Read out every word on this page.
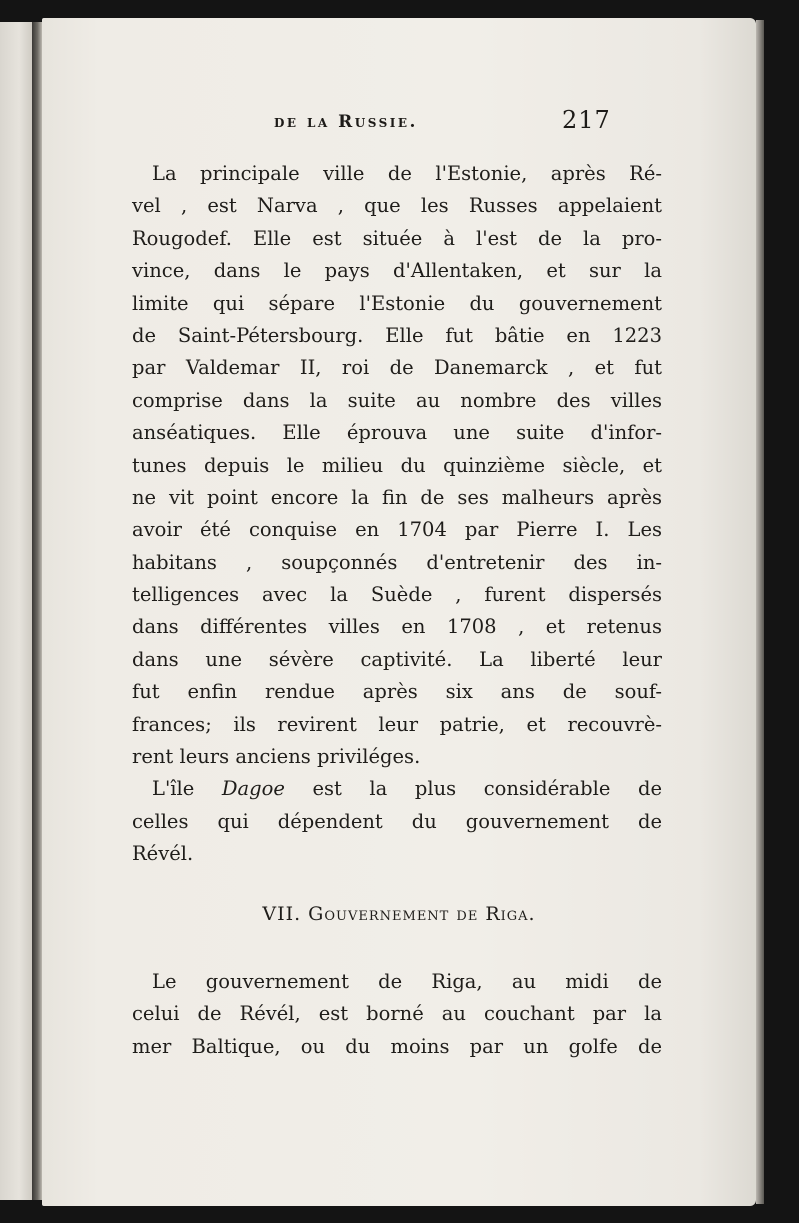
de la Russie.	217
La principale ville de l'Estonie, après Ré-
vel , est Narva , que les Russes appelaient
Rougodef. Elle est située à l'est de la pro-
vince, dans le pays d'Allentaken, et sur la
limite qui sépare l'Estonie du gouvernement
de Saint-Pétersbourg. Elle fut bâtie en 1223
par Valdemar II, roi de Danemarck , et fut
comprise dans la suite au nombre des villes
anséatiques. Elle éprouva une suite d'infor-
tunes depuis le milieu du quinzième siècle, et
ne vit point encore la fin de ses malheurs après
avoir été conquise en 1704 par Pierre I. Les
habitans , soupçonnés d'entretenir des in-
telligences avec la Suède , furent dispersés
dans différentes villes en 1708 , et retenus
dans une sévère captivité. La liberté leur
fut enfin rendue après six ans de souf-
frances; ils revirent leur patrie, et recouvrè-
rent leurs anciens priviléges.
L'île Dagoe est la plus considérable de
celles qui dépendent du gouvernement de
Révél.
VII. Gouvernement de Riga.
Le gouvernement de Riga, au midi de
celui de Révél, est borné au couchant par la
mer Baltique, ou du moins par un golfe de
